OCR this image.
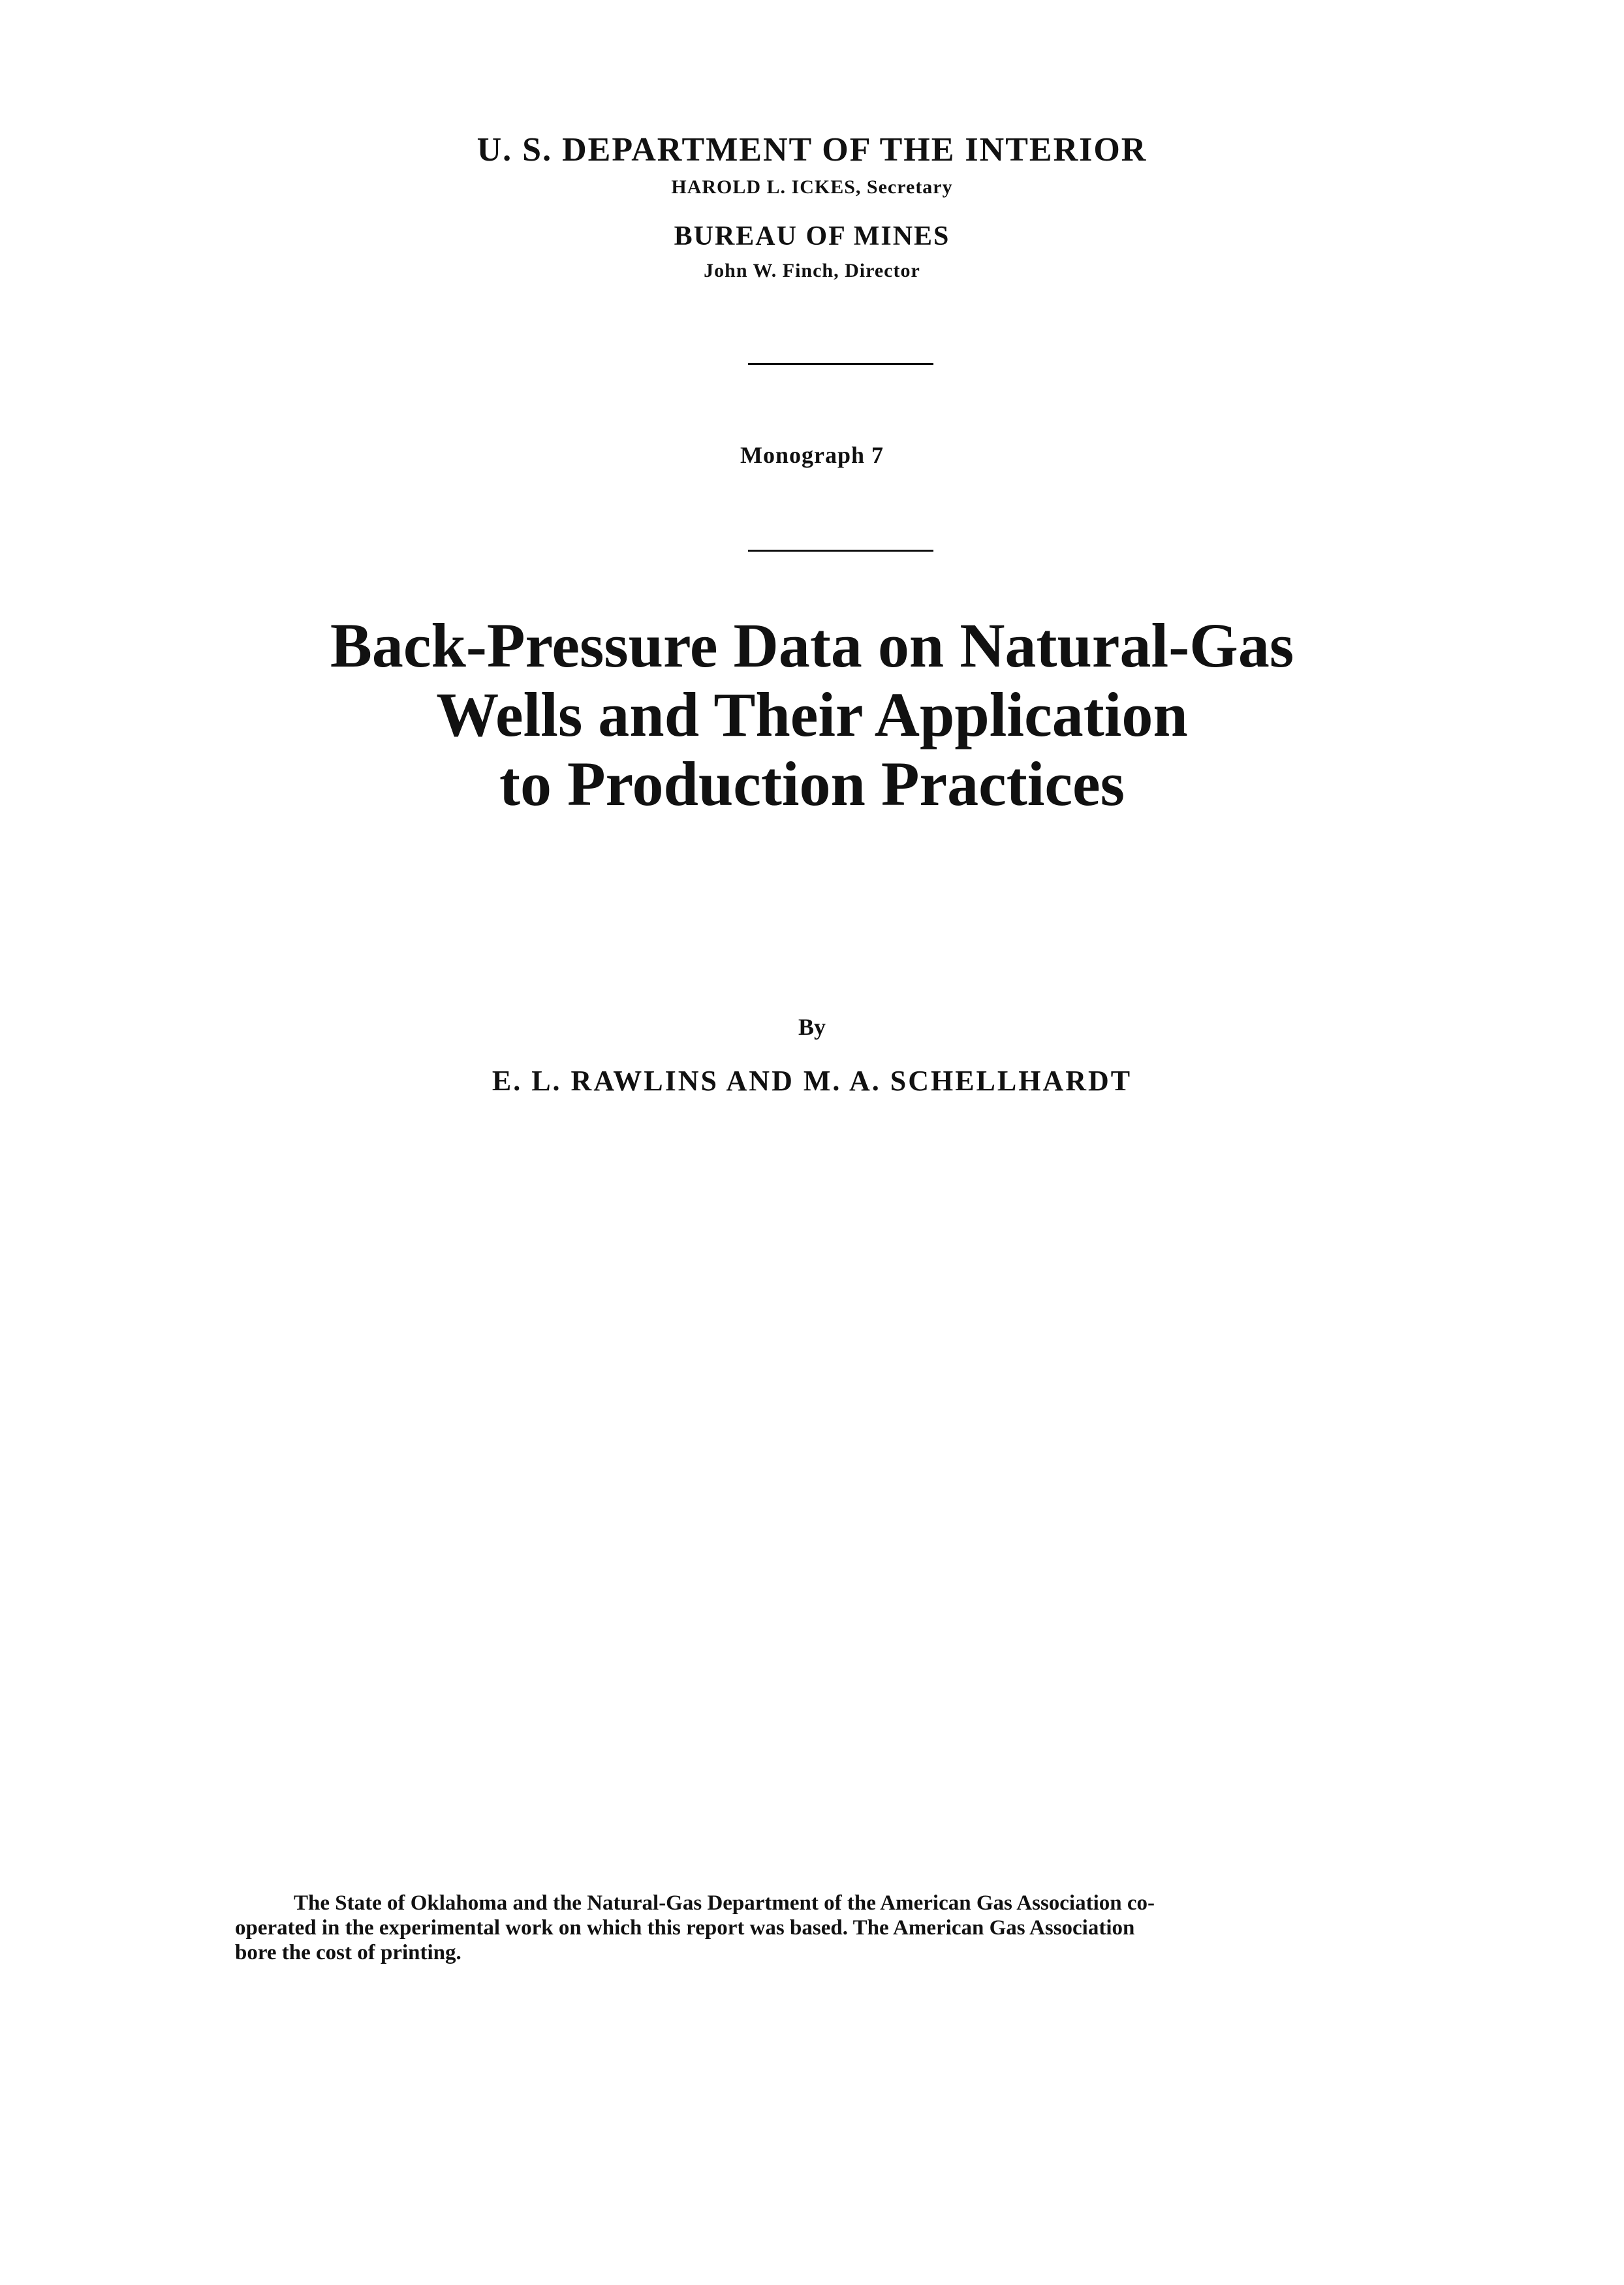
U. S. DEPARTMENT OF THE INTERIOR
HAROLD L. ICKES, Secretary
BUREAU OF MINES
John W. Finch, Director
Monograph 7
Back-Pressure Data on Natural-Gas
Wells and Their Application
to Production Practices
By
E. L. RAWLINS AND M. A. SCHELLHARDT
The State of Oklahoma and the Natural-Gas Department of the American Gas Association co-
operated in the experimental work on which this report was based. The American Gas Association
bore the cost of printing.
